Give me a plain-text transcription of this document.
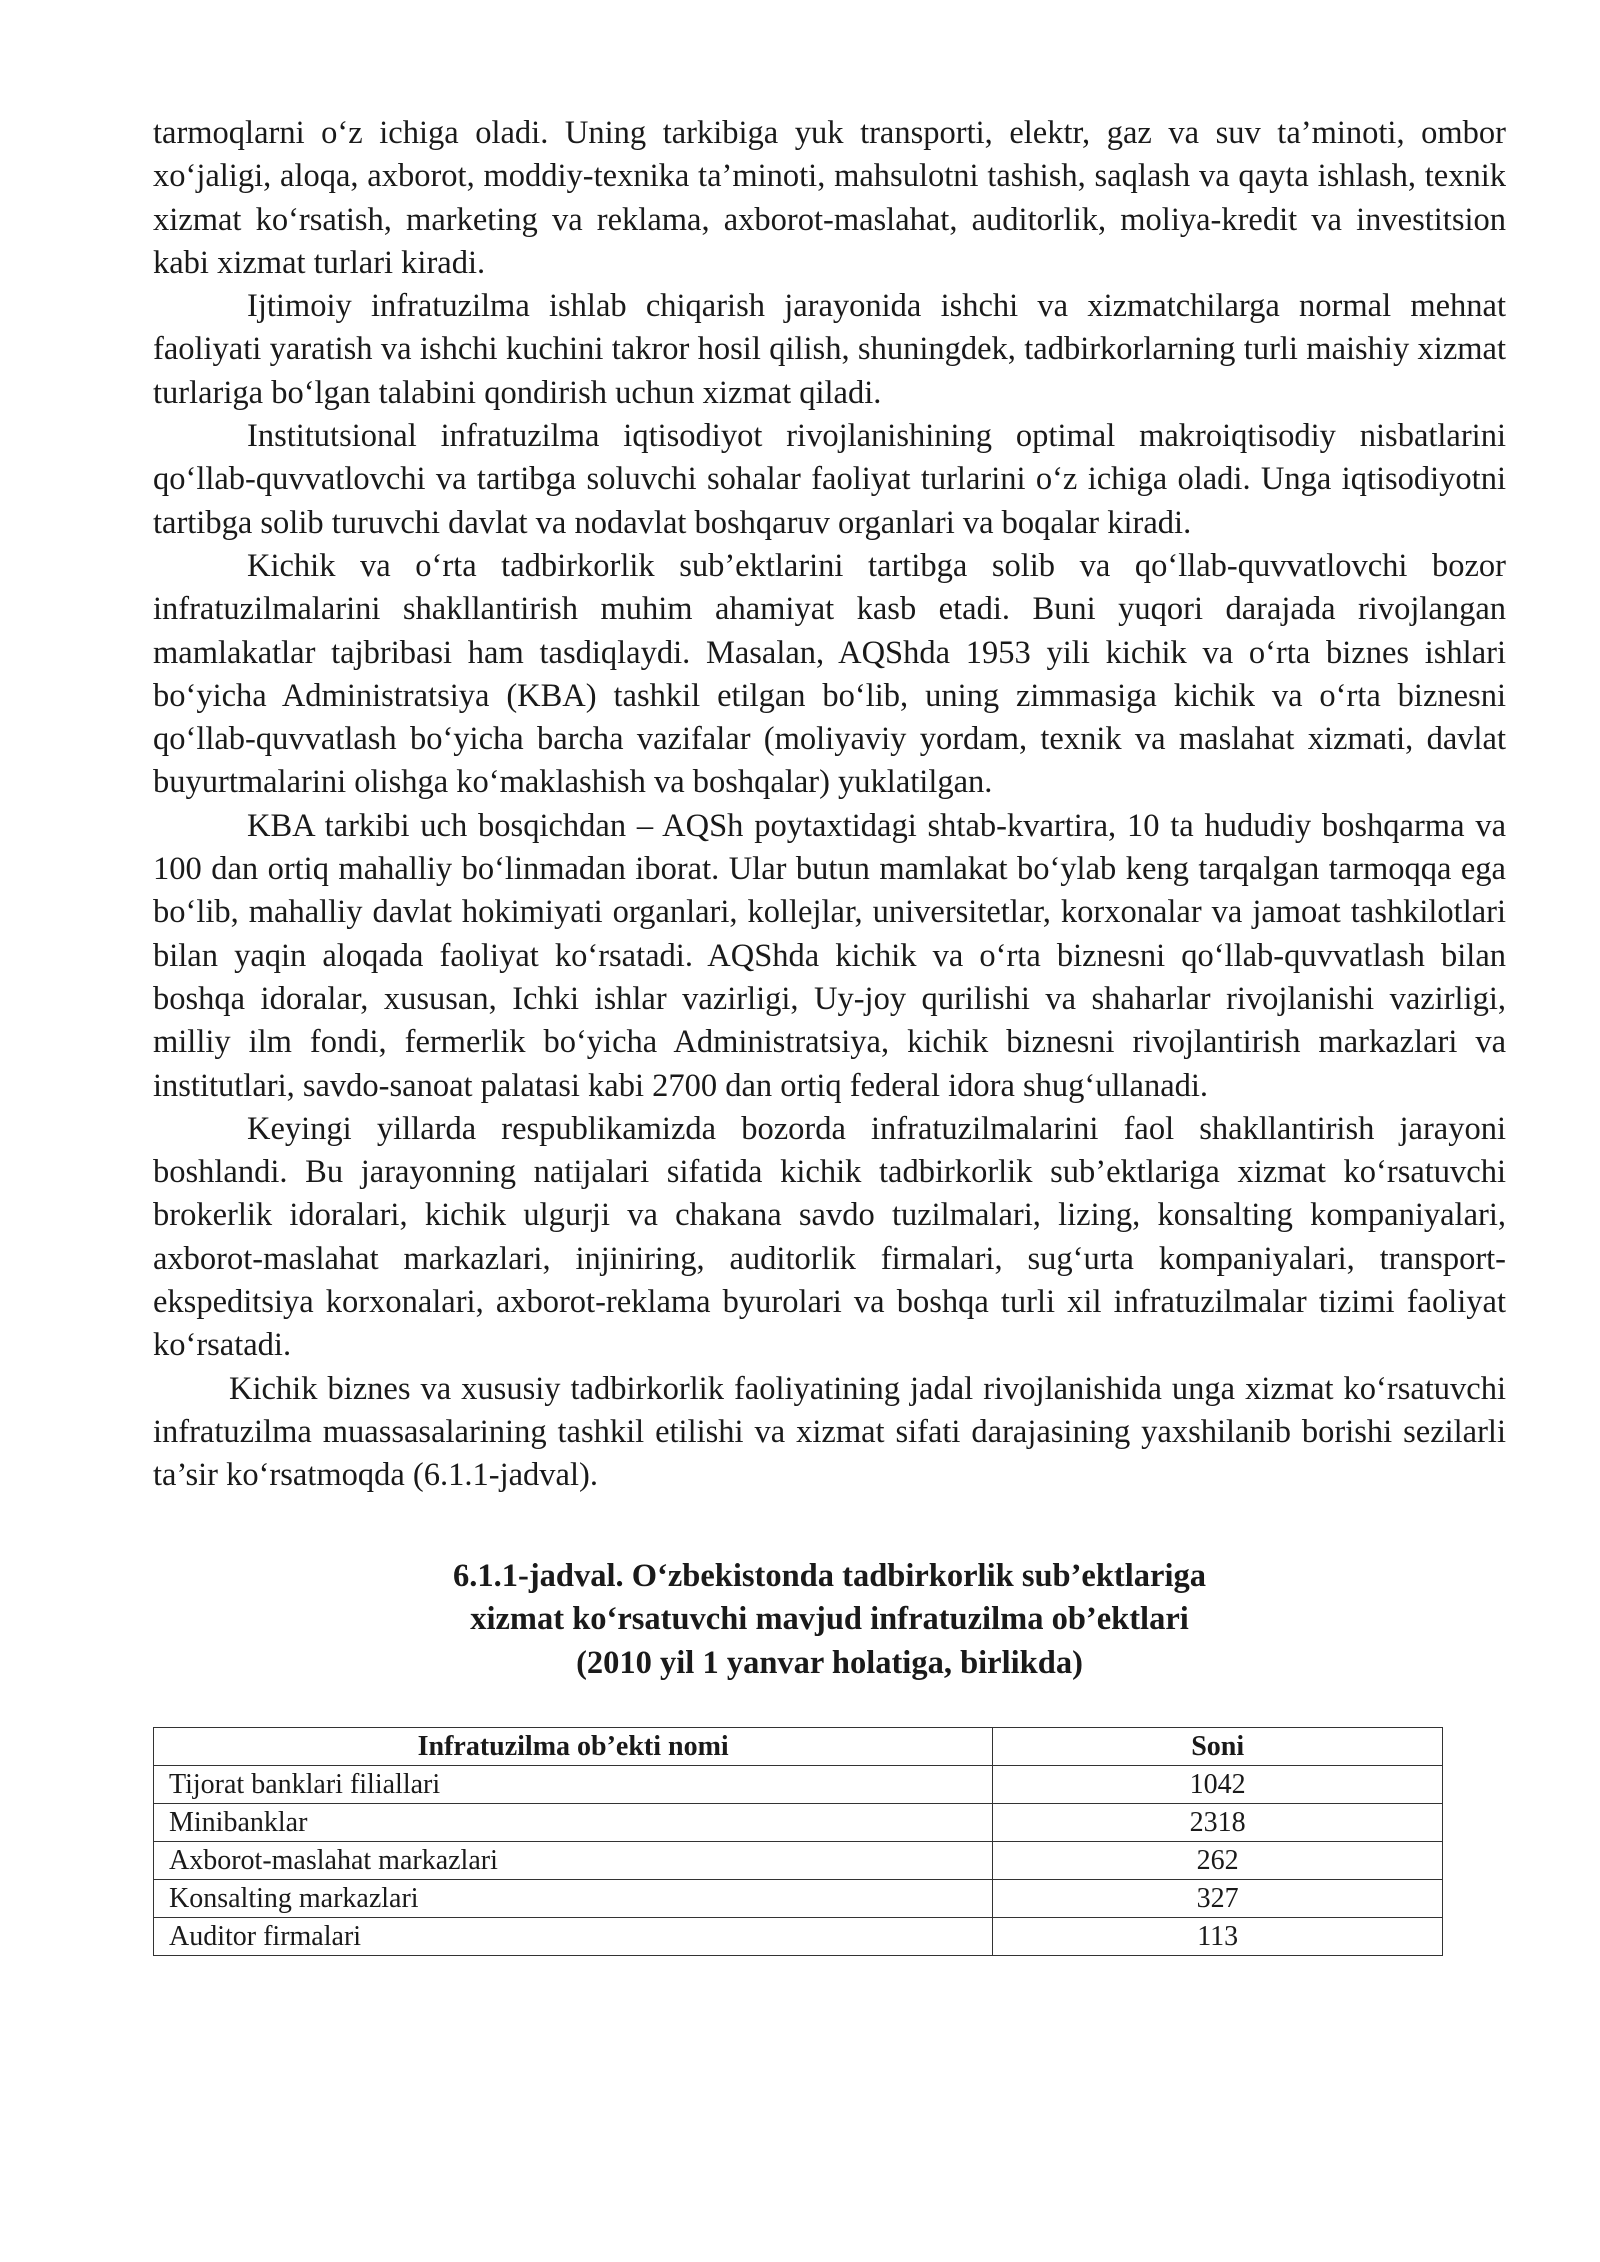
tarmoqlarni o‘z ichiga oladi. Uning tarkibiga yuk transporti, elektr, gaz va suv ta’minoti, ombor xo‘jaligi, aloqa, axborot, moddiy-texnika ta’minoti, mahsulotni tashish, saqlash va qayta ishlash, texnik xizmat ko‘rsatish, marketing va reklama, axborot-maslahat, auditorlik, moliya-kredit va investitsion kabi xizmat turlari kiradi.

Ijtimoiy infratuzilma ishlab chiqarish jarayonida ishchi va xizmatchilarga normal mehnat faoliyati yaratish va ishchi kuchini takror hosil qilish, shuningdek, tadbirkorlarning turli maishiy xizmat turlariga bo‘lgan talabini qondirish uchun xizmat qiladi.

Institutsional infratuzilma iqtisodiyot rivojlanishining optimal makroiqtisodiy nisbatlarini qo‘llab-quvvatlovchi va tartibga soluvchi sohalar faoliyat turlarini o‘z ichiga oladi. Unga iqtisodiyotni tartibga solib turuvchi davlat va nodavlat boshqaruv organlari va boqalar kiradi.

Kichik va o‘rta tadbirkorlik sub’ektlarini tartibga solib va qo‘llab-quvvatlovchi bozor infratuzilmalarini shakllantirish muhim ahamiyat kasb etadi. Buni yuqori darajada rivojlangan mamlakatlar tajbribasi ham tasdiqlaydi. Masalan, AQShda 1953 yili kichik va o‘rta biznes ishlari bo‘yicha Administratsiya (KBA) tashkil etilgan bo‘lib, uning zimmasiga kichik va o‘rta biznesni qo‘llab-quvvatlash bo‘yicha barcha vazifalar (moliyaviy yordam, texnik va maslahat xizmati, davlat buyurtmalarini olishga ko‘maklashish va boshqalar) yuklatilgan.

KBA tarkibi uch bosqichdan – AQSh poytaxtidagi shtab-kvartira, 10 ta hududiy boshqarma va 100 dan ortiq mahalliy bo‘linmadan iborat. Ular butun mamlakat bo‘ylab keng tarqalgan tarmoqqa ega bo‘lib, mahalliy davlat hokimiyati organlari, kollejlar, universitetlar, korxonalar va jamoat tashkilotlari bilan yaqin aloqada faoliyat ko‘rsatadi. AQShda kichik va o‘rta biznesni qo‘llab-quvvatlash bilan boshqa idoralar, xususan, Ichki ishlar vazirligi, Uy-joy qurilishi va shaharlar rivojlanishi vazirligi, milliy ilm fondi, fermerlik bo‘yicha Administratsiya, kichik biznesni rivojlantirish markazlari va institutlari, savdo-sanoat palatasi kabi 2700 dan ortiq federal idora shug‘ullanadi.

Keyingi yillarda respublikamizda bozorda infratuzilmalarini faol shakllantirish jarayoni boshlandi. Bu jarayonning natijalari sifatida kichik tadbirkorlik sub’ektlariga xizmat ko‘rsatuvchi brokerlik idoralari, kichik ulgurji va chakana savdo tuzilmalari, lizing, konsalting kompaniyalari, axborot-maslahat markazlari, injiniring, auditorlik firmalari, sug‘urta kompaniyalari, transport-ekspeditsiya korxonalari, axborot-reklama byurolari va boshqa turli xil infratuzilmalar tizimi faoliyat ko‘rsatadi.

Kichik biznes va xususiy tadbirkorlik faoliyatining jadal rivojlanishida unga xizmat ko‘rsatuvchi infratuzilma muassasalarining tashkil etilishi va xizmat sifati darajasining yaxshilanib borishi sezilarli ta’sir ko‘rsatmoqda (6.1.1-jadval).

6.1.1-jadval. O‘zbekistonda tadbirkorlik sub’ektlariga
xizmat ko‘rsatuvchi mavjud infratuzilma ob’ektlari
(2010 yil 1 yanvar holatiga, birlikda)
Infratuzilma ob’ekti nomi	Soni
Tijorat banklari filiallari	1042
Minibanklar	2318
Axborot-maslahat markazlari	262
Konsalting markazlari	327
Auditor firmalari	113
